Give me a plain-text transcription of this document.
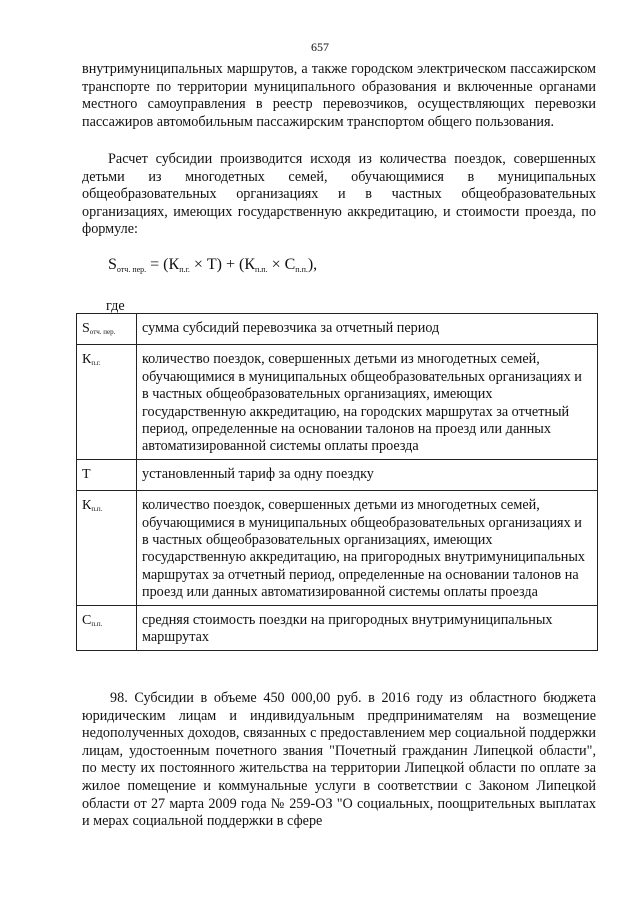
657

внутримуниципальных маршрутов, а также городском электрическом пассажирском транспорте по территории муниципального образования и включенные органами местного самоуправления в реестр перевозчиков, осуществляющих перевозки пассажиров автомобильным пассажирским транспортом общего пользования.

Расчет субсидии производится исходя из количества поездок, совершенных детьми из многодетных семей, обучающимися в муниципальных общеобразовательных организациях и в частных общеобразовательных организациях, имеющих государственную аккредитацию, и стоимости проезда, по формуле:

$S_{отч. пер.} = (К_{п.г.} \times Т) + (К_{п.п.} \times С_{п.п.})$,
где
$S_{отч. пер.}$	сумма субсидий перевозчика за отчетный период
$К_{п.г.}$	количество поездок, совершенных детьми из многодетных семей, обучающимися в муниципальных общеобразовательных организациях и в частных общеобразовательных организациях, имеющих государственную аккредитацию, на городских маршрутах за отчетный период, определенные на основании талонов на проезд или данных автоматизированной системы оплаты проезда
Т	установленный тариф за одну поездку
$К_{п.п.}$	количество поездок, совершенных детьми из многодетных семей, обучающимися в муниципальных общеобразовательных организациях и в частных общеобразовательных организациях, имеющих государственную аккредитацию, на пригородных внутримуниципальных маршрутах за отчетный период, определенные на основании талонов на проезд или данных автоматизированной системы оплаты проезда
$С_{п.п.}$	средняя стоимость поездки на пригородных внутримуниципальных маршрутах

98. Субсидии в объеме 450 000,00 руб. в 2016 году из областного бюджета юридическим лицам и индивидуальным предпринимателям на возмещение недополученных доходов, связанных с предоставлением мер социальной поддержки лицам, удостоенным почетного звания "Почетный гражданин Липецкой области", по месту их постоянного жительства на территории Липецкой области по оплате за жилое помещение и коммунальные услуги в соответствии с Законом Липецкой области от 27 марта 2009 года № 259-ОЗ "О социальных, поощрительных выплатах и мерах социальной поддержки в сфере
